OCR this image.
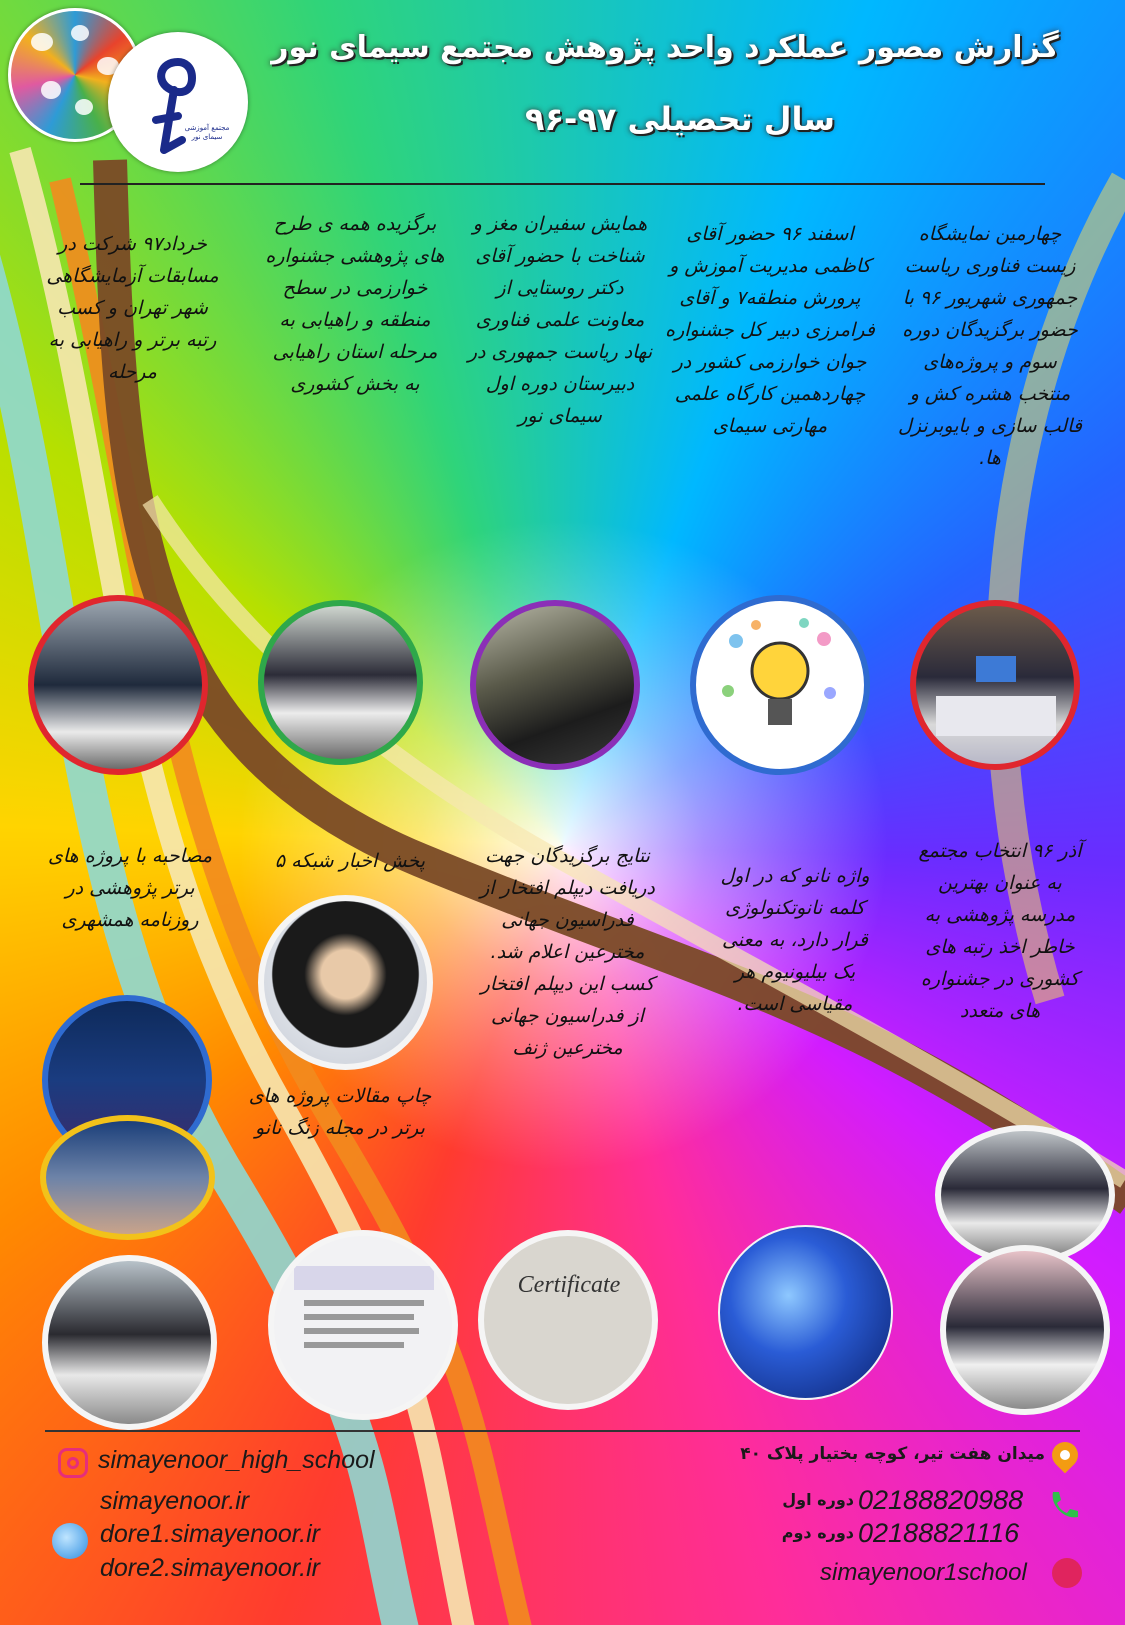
مجتمع آموزشی سیمای نور
گزارش مصور عملکرد واحد پژوهش مجتمع سیمای نور
سال تحصیلی ۹۷-۹۶
چهارمین نمایشگاه زیست فناوری ریاست جمهوری شهریور ۹۶ با حضور برگزیدگان دوره سوم و پروژه‌های منتخب هشره کش و قالب سازی و بایوبرنزل ها.
اسفند ۹۶ حضور آقای کاظمی مدیریت آموزش و پرورش منطقه۷ و آقای فرامرزی دبیر کل جشنواره جوان خوارزمی کشور در چهاردهمین کارگاه علمی مهارتی سیمای
همایش سفیران مغز و شناخت با حضور آقای دکتر روستایی از معاونت علمی فناوری نهاد ریاست جمهوری در دبیرستان دوره اول سیمای نور
برگزیده همه ی طرح های پژوهشی جشنواره خوارزمی در سطح منطقه و راهیابی به مرحله استان راهیابی به بخش کشوری
خرداد۹۷ شرکت در مسابقات آزمایشگاهی شهر تهران و کسب رتبه برتر و راهیابی به مرحله
آذر ۹۶ انتخاب مجتمع به عنوان بهترین مدرسه پژوهشی به خاطر اخذ رتبه های کشوری در جشنواره های متعدد
واژه نانو که در اول کلمه نانوتکنولوژی قرار دارد، به معنی یک بیلیونیوم هر مقیاسی است.
نتایج برگزیدگان جهت دریافت دیپلم افتخار از فدراسیون جهانی مخترعین اعلام شد. کسب این دیپلم افتخار از فدراسیون جهانی مخترعین ژنف
پخش اخبار شبکه ۵
چاپ مقالات پروژه های برتر در مجله زنگ نانو
مصاحبه با پروژه های برتر پژوهشی در روزنامه همشهری
Certificate
simayenoor_high_school
simayenoor.ir
dore1.simayenoor.ir
dore2.simayenoor.ir
میدان هفت تیر، کوچه بختیار پلاک ۴۰
02188820988
دوره اول
02188821116
دوره دوم
simayenoor1school
